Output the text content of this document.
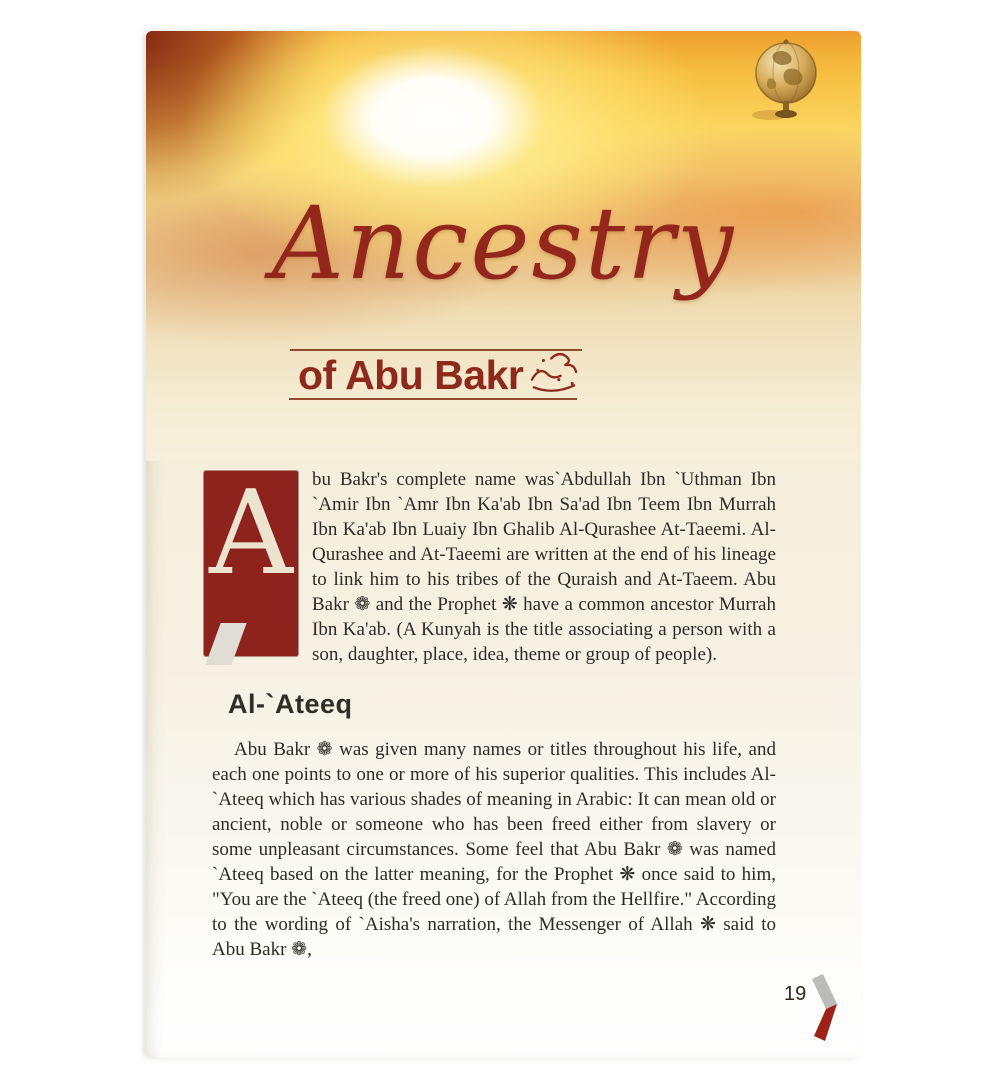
Ancestry
of Abu Bakr

A bu Bakr's complete name was`Abdullah Ibn `Uthman Ibn `Amir Ibn `Amr Ibn Ka'ab Ibn Sa'ad Ibn Teem Ibn Murrah Ibn Ka'ab Ibn Luaiy Ibn Ghalib Al-Qurashee At-Taeemi. Al-Qurashee and At-Taeemi are written at the end of his lineage to link him to his tribes of the Quraish and At-Taeem. Abu Bakr ❁ and the Prophet ❋ have a common ancestor Murrah Ibn Ka'ab. (A Kunyah is the title associating a person with a son, daughter, place, idea, theme or group of people).

Al-`Ateeq

Abu Bakr ❁ was given many names or titles throughout his life, and each one points to one or more of his superior qualities. This includes Al-`Ateeq which has various shades of meaning in Arabic: It can mean old or ancient, noble or someone who has been freed either from slavery or some unpleasant circumstances. Some feel that Abu Bakr ❁ was named `Ateeq based on the latter meaning, for the Prophet ❋ once said to him, "You are the `Ateeq (the freed one) of Allah from the Hellfire." According to the wording of `Aisha's narration, the Messenger of Allah ❋ said to Abu Bakr ❁,

19
